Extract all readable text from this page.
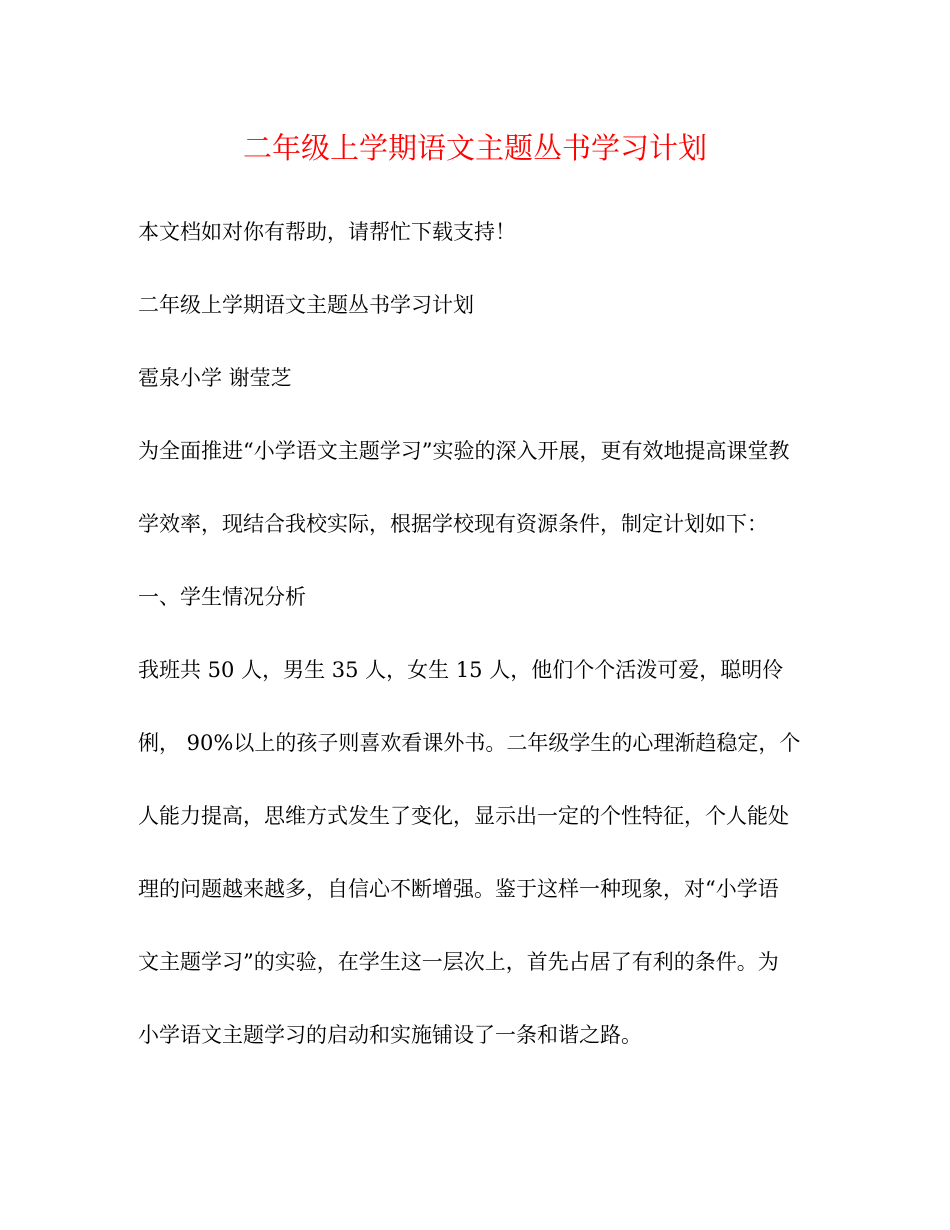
二年级上学期语文主题丛书学习计划
本文档如对你有帮助，请帮忙下载支持！
二年级上学期语文主题丛书学习计划
雹泉小学 谢莹芝
为全面推进“小学语文主题学习”实验的深入开展，更有效地提高课堂教
学效率，现结合我校实际，根据学校现有资源条件，制定计划如下：
一、学生情况分析
我班共 50 人，男生 35 人，女生 15 人，他们个个活泼可爱，聪明伶
俐， 90%以上的孩子则喜欢看课外书。二年级学生的心理渐趋稳定，个
人能力提高，思维方式发生了变化，显示出一定的个性特征，个人能处
理的问题越来越多，自信心不断增强。鉴于这样一种现象，对“小学语
文主题学习”的实验，在学生这一层次上，首先占居了有利的条件。为
小学语文主题学习的启动和实施铺设了一条和谐之路。
